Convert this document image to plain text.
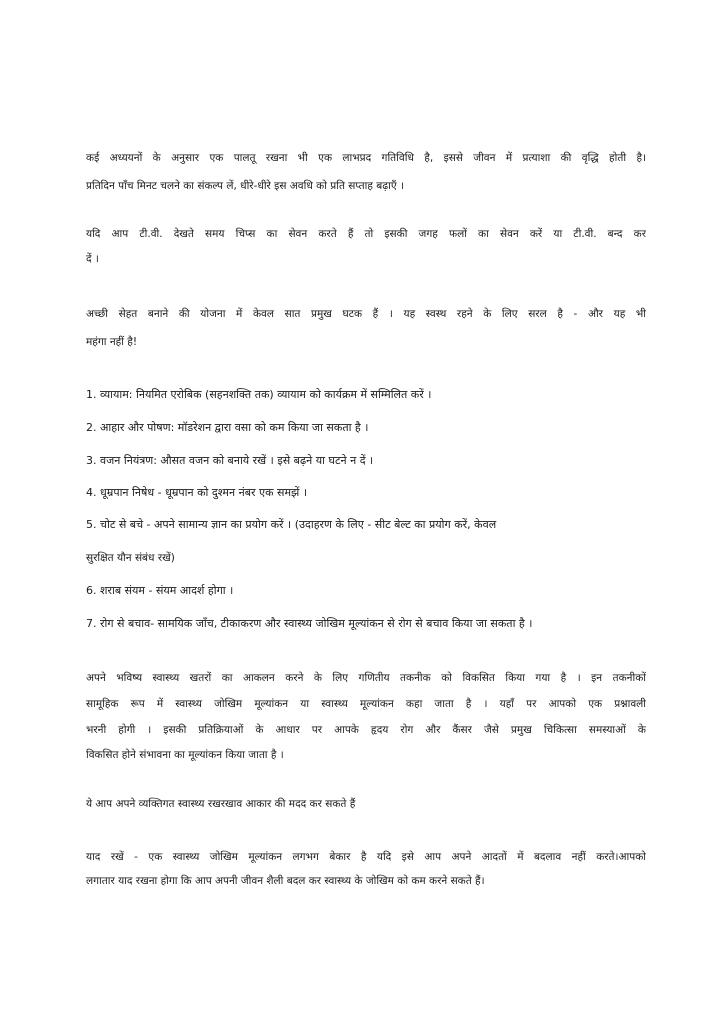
कई अध्ययनों के अनुसार एक पालतू रखना भी एक लाभप्रद गतिविधि है, इससे जीवन में प्रत्याशा की वृद्धि होती है।
प्रतिदिन पाँच मिनट चलने का संकल्प लें, धीरे-धीरे इस अवधि को प्रति सप्ताह बढ़ाएँ ।
यदि आप टी.वी. देखते समय चिप्स का सेवन करते हैं तो इसकी जगह फलों का सेवन करें या टी.वी. बन्द कर
दें ।
अच्छी सेहत बनाने की योजना में केवल सात प्रमुख घटक हैं । यह स्वस्थ रहने के लिए सरल है - और यह भी
महंगा नहीं है!
1. व्यायाम: नियमित एरोबिक (सहनशक्ति तक) व्यायाम को कार्यक्रम में सम्मिलित करें ।
2. आहार और पोषण: मॉडरेशन द्वारा वसा को कम किया जा सकता है ।
3. वजन नियंत्रण: औसत वजन को बनाये रखें । इसे बढ़ने या घटने न दें ।
4. धूम्रपान निषेध - धूम्रपान को दुश्मन नंबर एक समझें ।
5. चोट से बचे - अपने सामान्य ज्ञान का प्रयोग करें । (उदाहरण के लिए - सीट बेल्ट का प्रयोग करें, केवल
सुरक्षित यौन संबंध रखें)
6. शराब संयम - संयम आदर्श होगा ।
7. रोग से बचाव- सामयिक जाँच, टीकाकरण और स्वास्थ्य जोखिम मूल्यांकन से रोग से बचाव किया जा सकता है ।
अपने भविष्य स्वास्थ्य खतरों का आकलन करने के लिए गणितीय तकनीक को विकसित किया गया है । इन तकनीकों
सामूहिक रूप में स्वास्थ्य जोखिम मूल्यांकन या स्वास्थ्य मूल्यांकन कहा जाता है । यहाँ पर आपको एक प्रश्नावली
भरनी होगी । इसकी प्रतिक्रियाओं के आधार पर आपके हृदय रोग और कैंसर जैसे प्रमुख चिकित्सा समस्याओं के
विकसित होने संभावना का मूल्यांकन किया जाता है ।
ये आप अपने व्यक्तिगत स्वास्थ्य रखरखाव आकार की मदद कर सकते हैं
याद रखें - एक स्वास्थ्य जोखिम मूल्यांकन लगभग बेकार है यदि इसे आप अपने आदतों में बदलाव नहीं करते।आपको
लगातार याद रखना होगा कि आप अपनी जीवन शैली बदल कर स्वास्थ्य के जोखिम को कम करने सकते हैं।
